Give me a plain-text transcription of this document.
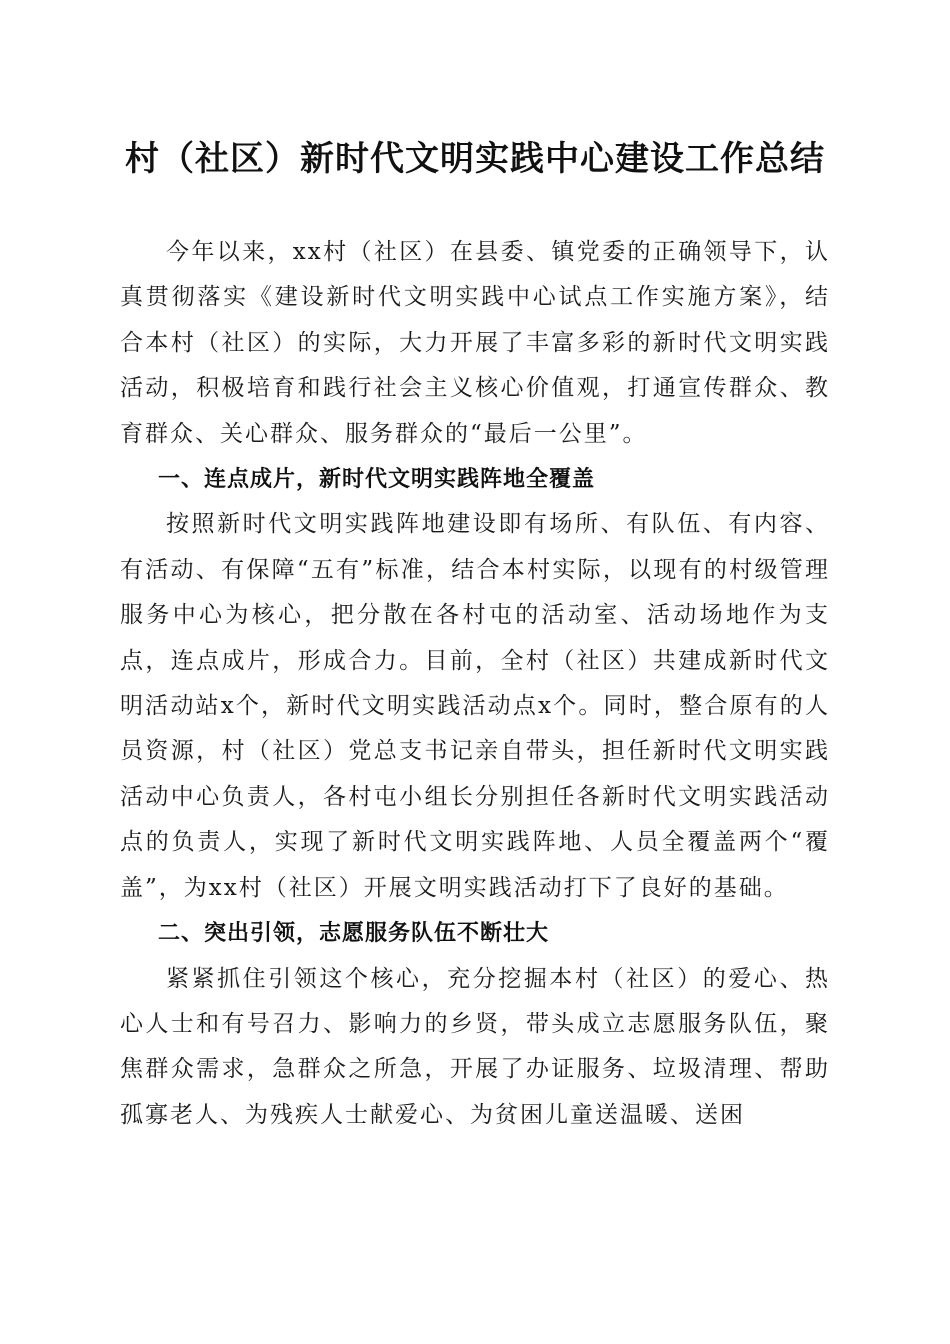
村（社区）新时代文明实践中心建设工作总结

今年以来，xx村（社区）在县委、镇党委的正确领导下，认真贯彻落实《建设新时代文明实践中心试点工作实施方案》，结合本村（社区）的实际，大力开展了丰富多彩的新时代文明实践活动，积极培育和践行社会主义核心价值观，打通宣传群众、教育群众、关心群众、服务群众的“最后一公里”。

一、连点成片，新时代文明实践阵地全覆盖

按照新时代文明实践阵地建设即有场所、有队伍、有内容、有活动、有保障“五有”标准，结合本村实际，以现有的村级管理服务中心为核心，把分散在各村屯的活动室、活动场地作为支点，连点成片，形成合力。目前，全村（社区）共建成新时代文明活动站x个，新时代文明实践活动点x个。同时，整合原有的人员资源，村（社区）党总支书记亲自带头，担任新时代文明实践活动中心负责人，各村屯小组长分别担任各新时代文明实践活动点的负责人，实现了新时代文明实践阵地、人员全覆盖两个“覆盖”，为xx村（社区）开展文明实践活动打下了良好的基础。

二、突出引领，志愿服务队伍不断壮大

紧紧抓住引领这个核心，充分挖掘本村（社区）的爱心、热心人士和有号召力、影响力的乡贤，带头成立志愿服务队伍，聚焦群众需求，急群众之所急，开展了办证服务、垃圾清理、帮助孤寡老人、为残疾人士献爱心、为贫困儿童送温暖、送困
